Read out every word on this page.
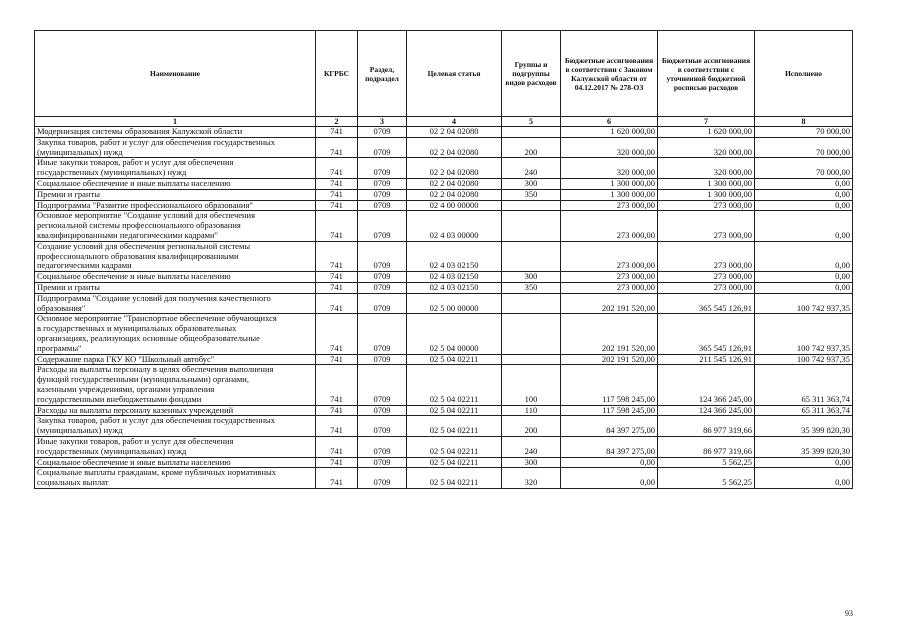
Наименование	КГРБС	Раздел, подраздел	Целевая статья	Группы и подгруппы видов расходов	Бюджетные ассигнования в соответствии с Законом Калужской области от 04.12.2017 № 278-ОЗ	Бюджетные ассигнования в соответствии с уточненной бюджетной росписью расходов	Исполнено
1	2	3	4	5	6	7	8

Модернизация системы образования Калужской области	741	0709	02 2 04 02080		1 620 000,00	1 620 000,00	70 000,00

Закупка товаров, работ и услуг для обеспечения государственных
(муниципальных) нужд	741	0709	02 2 04 02080	200	320 000,00	320 000,00	70 000,00

Иные закупки товаров, работ и услуг для обеспечения
государственных (муниципальных) нужд	741	0709	02 2 04 02080	240	320 000,00	320 000,00	70 000,00

Социальное обеспечение и иные выплаты населению	741	0709	02 2 04 02080	300	1 300 000,00	1 300 000,00	0,00

Премии и гранты	741	0709	02 2 04 02080	350	1 300 000,00	1 300 000,00	0,00

Подпрограмма "Развитие профессионального образования"	741	0709	02 4 00 00000		273 000,00	273 000,00	0,00

Основное мероприятие "Создание условий для обеспечения
региональной системы профессионального образования
квалифицированными педагогическими кадрами"	741	0709	02 4 03 00000		273 000,00	273 000,00	0,00

Создание условий для обеспечения региональной системы
профессионального образования квалифицированными
педагогическими кадрами	741	0709	02 4 03 02150		273 000,00	273 000,00	0,00

Социальное обеспечение и иные выплаты населению	741	0709	02 4 03 02150	300	273 000,00	273 000,00	0,00

Премии и гранты	741	0709	02 4 03 02150	350	273 000,00	273 000,00	0,00

Подпрограмма "Создание условий для получения качественного
образования"	741	0709	02 5 00 00000		202 191 520,00	365 545 126,91	100 742 937,35

Основное мероприятие "Транспортное обеспечение обучающихся
в государственных и муниципальных образовательных
организациях, реализующих основные общеобразовательные
программы"	741	0709	02 5 04 00000		202 191 520,00	365 545 126,91	100 742 937,35

Содержание парка ГКУ КО "Школьный автобус"	741	0709	02 5 04 02211		202 191 520,00	211 545 126,91	100 742 937,35

Расходы на выплаты персоналу в целях обеспечения выполнения
функций государственными (муниципальными) органами,
казенными учреждениями, органами управления
государственными внебюджетными фондами	741	0709	02 5 04 02211	100	117 598 245,00	124 366 245,00	65 311 363,74

Расходы на выплаты персоналу казенных учреждений	741	0709	02 5 04 02211	110	117 598 245,00	124 366 245,00	65 311 363,74

Закупка товаров, работ и услуг для обеспечения государственных
(муниципальных) нужд	741	0709	02 5 04 02211	200	84 397 275,00	86 977 319,66	35 399 820,30

Иные закупки товаров, работ и услуг для обеспечения
государственных (муниципальных) нужд	741	0709	02 5 04 02211	240	84 397 275,00	86 977 319,66	35 399 820,30

Социальное обеспечение и иные выплаты населению	741	0709	02 5 04 02211	300	0,00	5 562,25	0,00

Социальные выплаты гражданам, кроме публичных нормативных
социальных выплат	741	0709	02 5 04 02211	320	0,00	5 562,25	0,00
93
